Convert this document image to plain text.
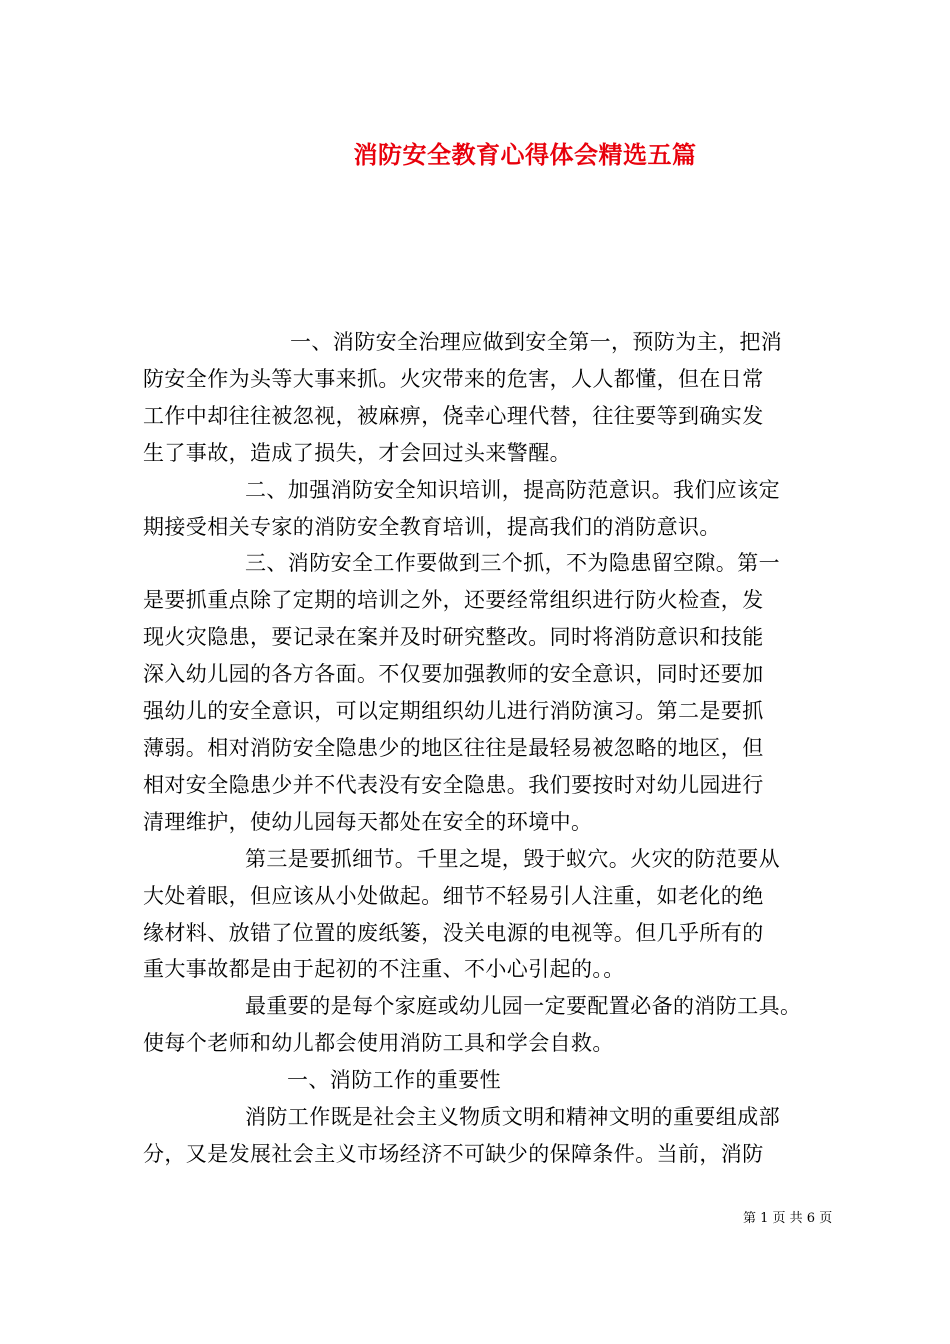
消防安全教育心得体会精选五篇

一、消防安全治理应做到安全第一，预防为主，把消

防安全作为头等大事来抓。火灾带来的危害，人人都懂，但在日常

工作中却往往被忽视，被麻痹，侥幸心理代替，往往要等到确实发

生了事故，造成了损失，才会回过头来警醒。

二、加强消防安全知识培训，提高防范意识。我们应该定

期接受相关专家的消防安全教育培训，提高我们的消防意识。

三、消防安全工作要做到三个抓，不为隐患留空隙。第一

是要抓重点除了定期的培训之外，还要经常组织进行防火检查，发

现火灾隐患，要记录在案并及时研究整改。同时将消防意识和技能

深入幼儿园的各方各面。不仅要加强教师的安全意识，同时还要加

强幼儿的安全意识，可以定期组织幼儿进行消防演习。第二是要抓

薄弱。相对消防安全隐患少的地区往往是最轻易被忽略的地区，但

相对安全隐患少并不代表没有安全隐患。我们要按时对幼儿园进行

清理维护，使幼儿园每天都处在安全的环境中。

第三是要抓细节。千里之堤，毁于蚁穴。火灾的防范要从

大处着眼，但应该从小处做起。细节不轻易引人注重，如老化的绝

缘材料、放错了位置的废纸篓，没关电源的电视等。但几乎所有的

重大事故都是由于起初的不注重、不小心引起的。。

最重要的是每个家庭或幼儿园一定要配置必备的消防工具。

使每个老师和幼儿都会使用消防工具和学会自救。

一、消防工作的重要性

消防工作既是社会主义物质文明和精神文明的重要组成部

分，又是发展社会主义市场经济不可缺少的保障条件。当前，消防

第 1 页 共 6 页
